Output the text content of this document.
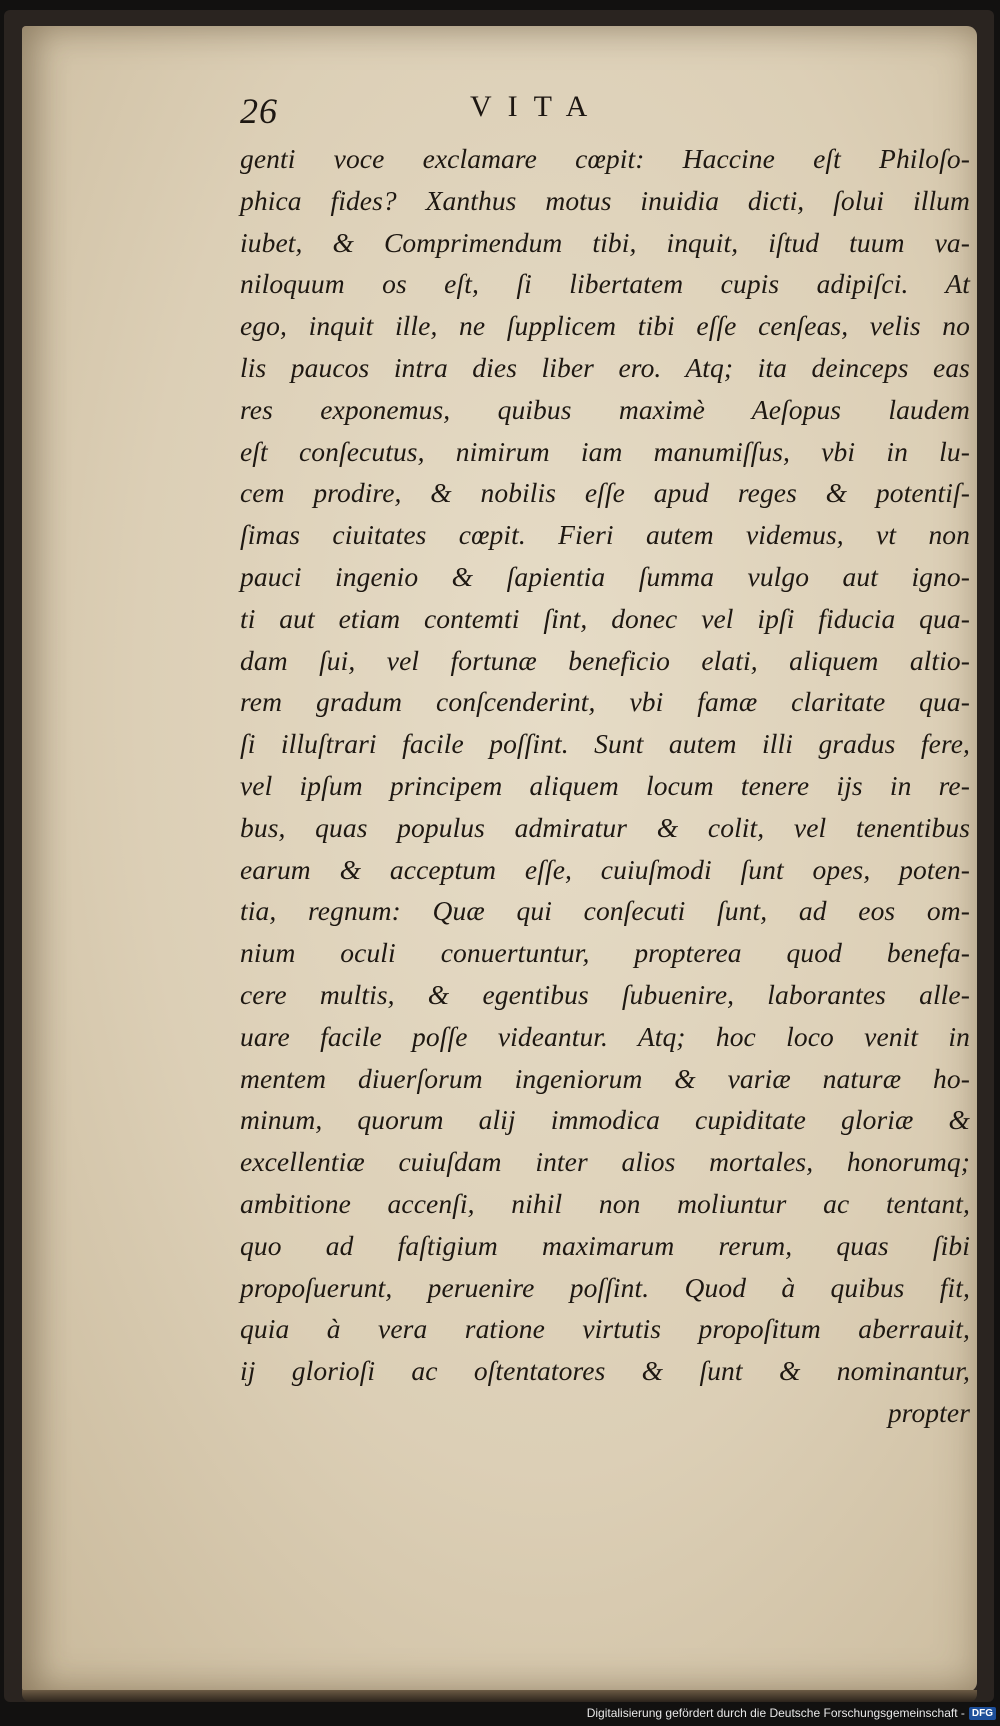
26	VITA
genti voce exclamare cœpit: Haccine eſt Philoſo-
phica fides? Xanthus motus inuidia dicti, ſolui illum
iubet, & Comprimendum tibi, inquit, iſtud tuum va-
niloquum os eſt, ſi libertatem cupis adipiſci. At
ego, inquit ille, ne ſupplicem tibi eſſe cenſeas, velis no
lis paucos intra dies liber ero. Atq; ita deinceps eas
res exponemus, quibus maximè Aeſopus laudem
eſt conſecutus, nimirum iam manumiſſus, vbi in lu-
cem prodire, & nobilis eſſe apud reges & potentiſ-
ſimas ciuitates cœpit. Fieri autem videmus, vt non
pauci ingenio & ſapientia ſumma vulgo aut igno-
ti aut etiam contemti ſint, donec vel ipſi fiducia qua-
dam ſui, vel fortunæ beneficio elati, aliquem altio-
rem gradum conſcenderint, vbi famæ claritate qua-
ſi illuſtrari facile poſſint. Sunt autem illi gradus fere,
vel ipſum principem aliquem locum tenere ijs in re-
bus, quas populus admiratur & colit, vel tenentibus
earum & acceptum eſſe, cuiuſmodi ſunt opes, poten-
tia, regnum: Quæ qui conſecuti ſunt, ad eos om-
nium oculi conuertuntur, propterea quod benefa-
cere multis, & egentibus ſubuenire, laborantes alle-
uare facile poſſe videantur. Atq; hoc loco venit in
mentem diuerſorum ingeniorum & variæ naturæ ho-
minum, quorum alij immodica cupiditate gloriæ &
excellentiæ cuiuſdam inter alios mortales, honorumq;
ambitione accenſi, nihil non moliuntur ac tentant,
quo ad faſtigium maximarum rerum, quas ſibi
propoſuerunt, peruenire poſſint. Quod à quibus fit,
quia à vera ratione virtutis propoſitum aberrauit,
ij glorioſi ac oſtentatores & ſunt & nominantur,
propter
Digitalisierung gefördert durch die Deutsche Forschungsgemeinschaft - DFG
